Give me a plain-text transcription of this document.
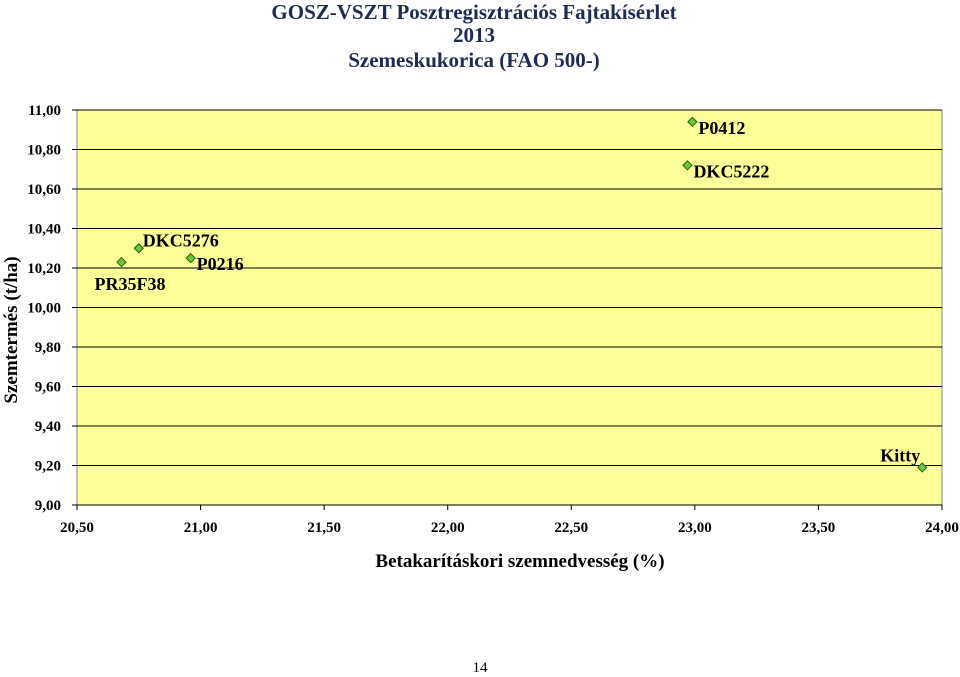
GOSZ-VSZT Posztregisztrációs Fajtakísérlet
2013
Szemeskukorica (FAO 500-)
9,00
9,20
9,40
9,60
9,80
10,00
10,20
10,40
10,60
10,80
11,00
20,50	21,00	21,50	22,00	22,50	23,00	23,50	24,00
PR35F38
DKC5276
P0216
P0412
DKC5222
Kitty
Betakarításkori szemnedvesség (%)
Szemtermés (t/ha)
14
